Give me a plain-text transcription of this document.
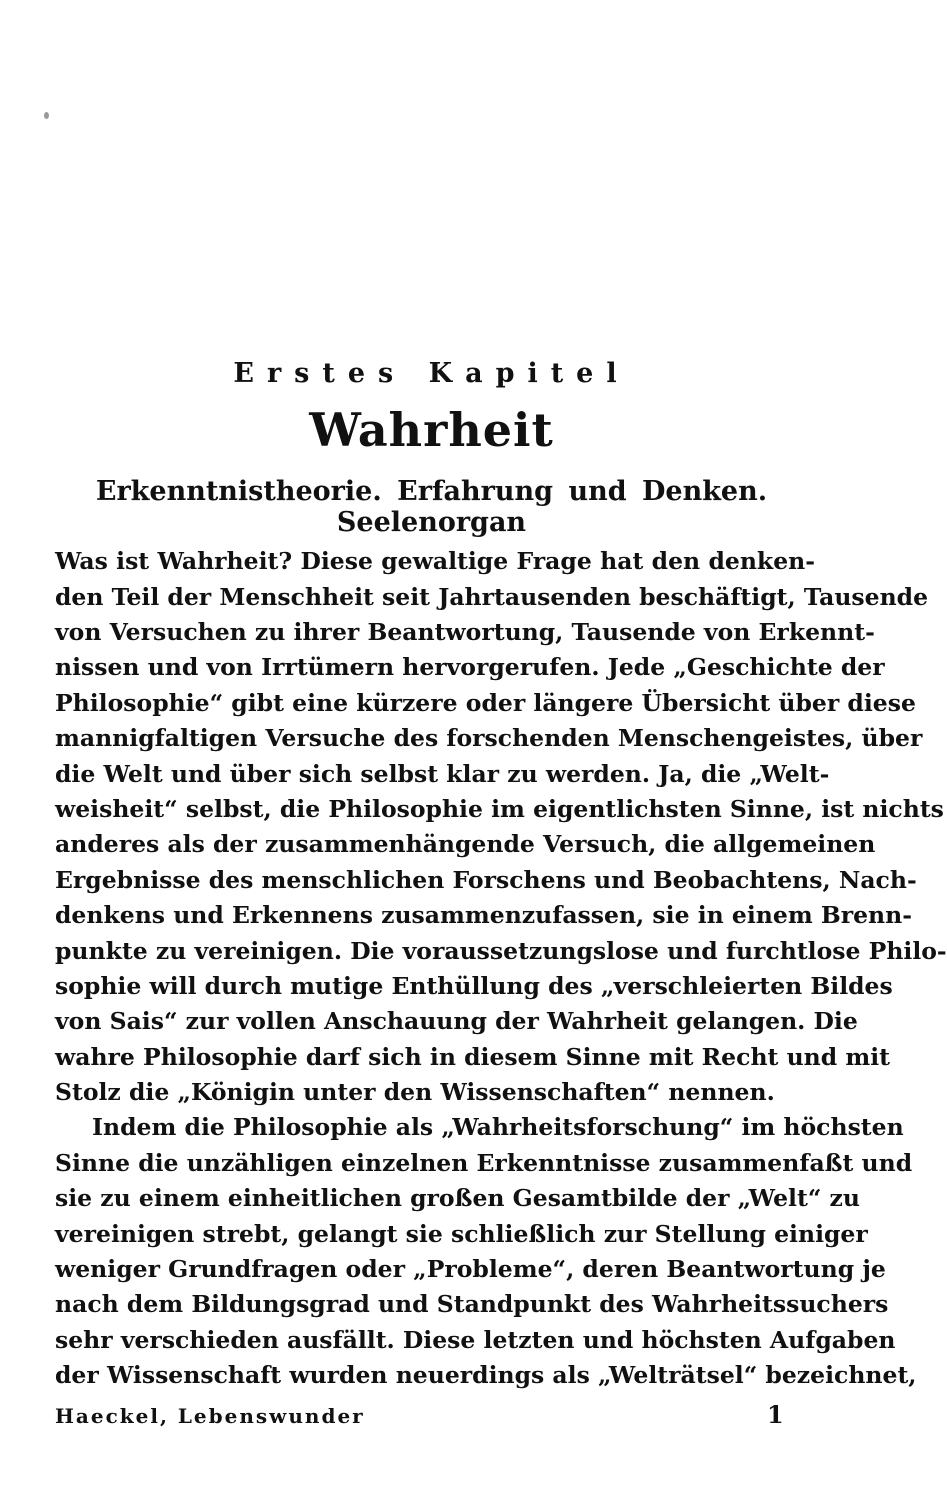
Erstes Kapitel
Wahrheit
Erkenntnistheorie. Erfahrung und Denken. Seelenorgan
Was ist Wahrheit? Diese gewaltige Frage hat den denken-
den Teil der Menschheit seit Jahrtausenden beschäftigt, Tausende
von Versuchen zu ihrer Beantwortung, Tausende von Erkennt-
nissen und von Irrtümern hervorgerufen. Jede „Geschichte der
Philosophie“ gibt eine kürzere oder längere Übersicht über diese
mannigfaltigen Versuche des forschenden Menschengeistes, über
die Welt und über sich selbst klar zu werden. Ja, die „Welt-
weisheit“ selbst, die Philosophie im eigentlichsten Sinne, ist nichts
anderes als der zusammenhängende Versuch, die allgemeinen
Ergebnisse des menschlichen Forschens und Beobachtens, Nach-
denkens und Erkennens zusammenzufassen, sie in einem Brenn-
punkte zu vereinigen. Die voraussetzungslose und furchtlose Philo-
sophie will durch mutige Enthüllung des „verschleierten Bildes
von Sais“ zur vollen Anschauung der Wahrheit gelangen. Die
wahre Philosophie darf sich in diesem Sinne mit Recht und mit
Stolz die „Königin unter den Wissenschaften“ nennen.
Indem die Philosophie als „Wahrheitsforschung“ im höchsten
Sinne die unzähligen einzelnen Erkenntnisse zusammenfaßt und
sie zu einem einheitlichen großen Gesamtbilde der „Welt“ zu
vereinigen strebt, gelangt sie schließlich zur Stellung einiger
weniger Grundfragen oder „Probleme“, deren Beantwortung je
nach dem Bildungsgrad und Standpunkt des Wahrheitssuchers
sehr verschieden ausfällt. Diese letzten und höchsten Aufgaben
der Wissenschaft wurden neuerdings als „Welträtsel“ bezeichnet,
Haeckel, Lebenswunder	1
